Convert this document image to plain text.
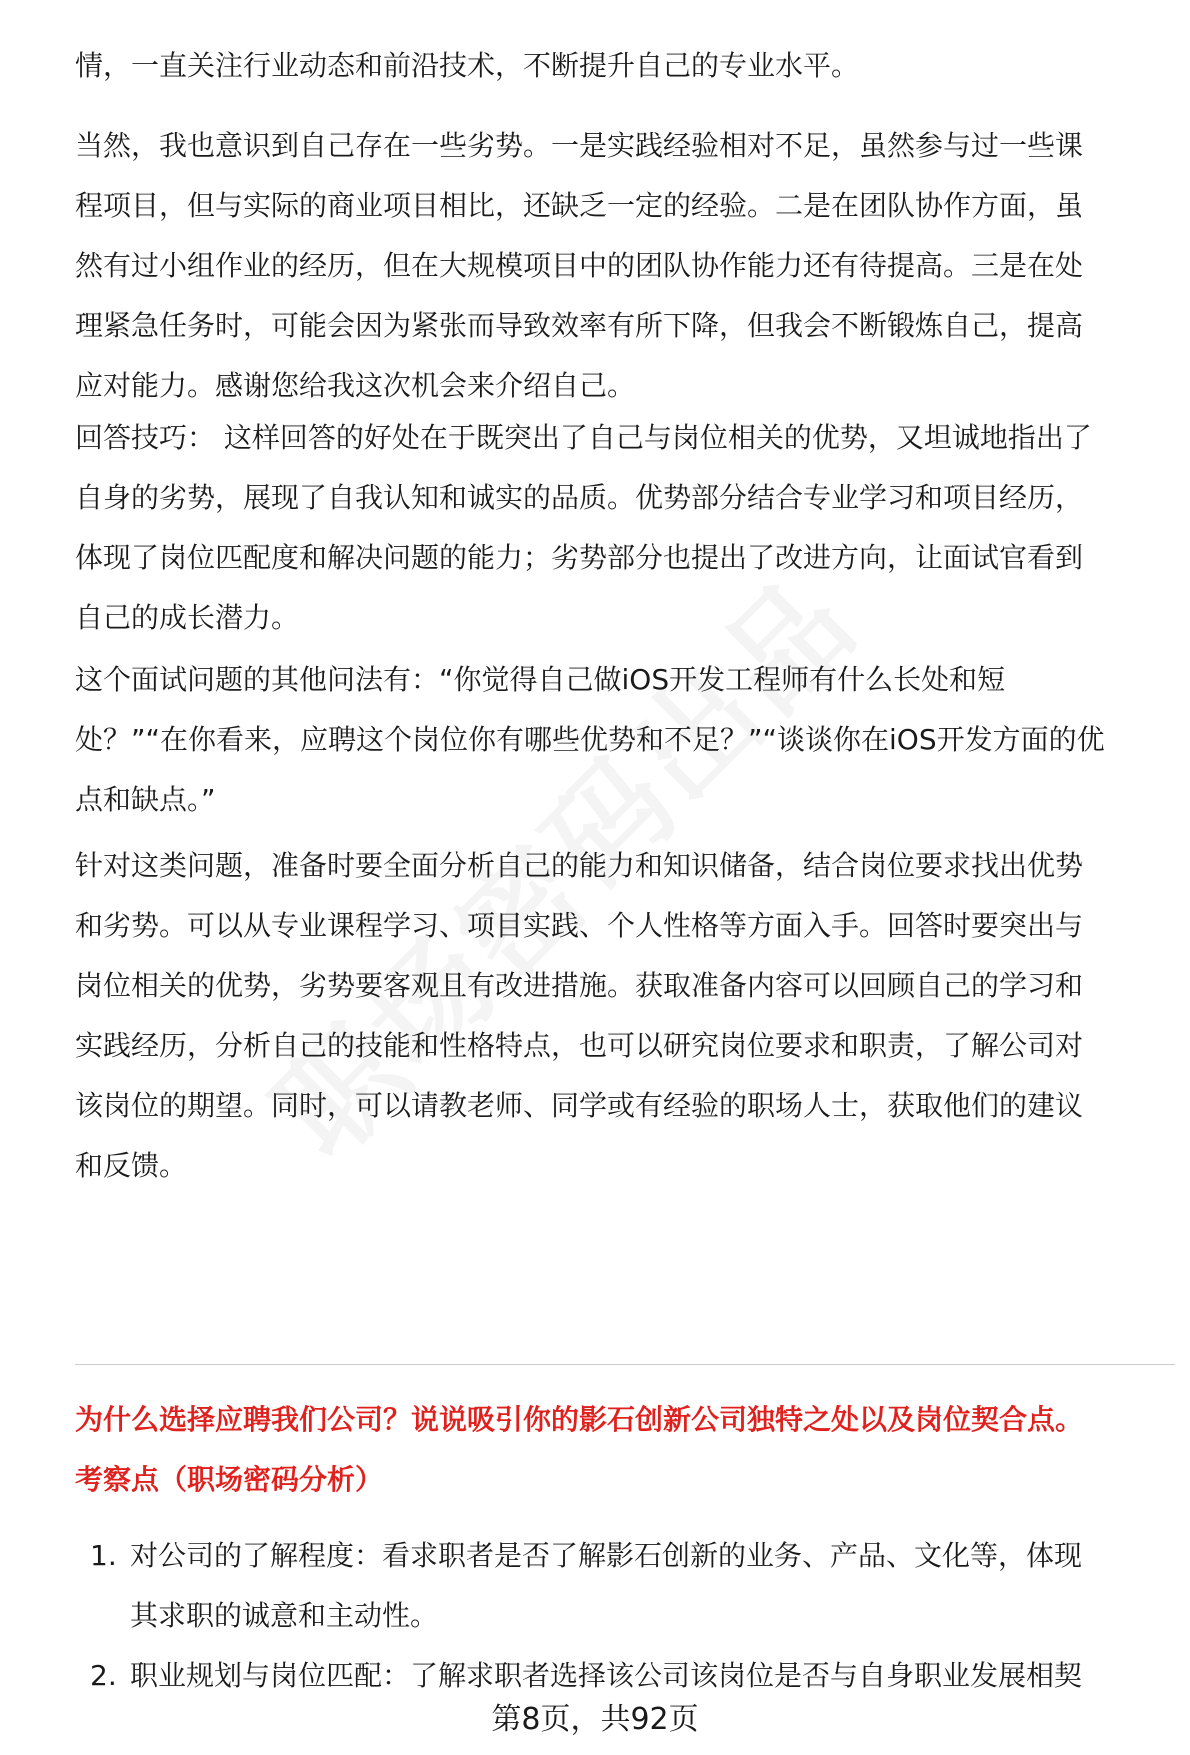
情，一直关注行业动态和前沿技术，不断提升自己的专业水平。

当然，我也意识到自己存在一些劣势。一是实践经验相对不足，虽然参与过一些课
程项目，但与实际的商业项目相比，还缺乏一定的经验。二是在团队协作方面，虽
然有过小组作业的经历，但在大规模项目中的团队协作能力还有待提高。三是在处
理紧急任务时，可能会因为紧张而导致效率有所下降，但我会不断锻炼自己，提高
应对能力。感谢您给我这次机会来介绍自己。

回答技巧： 这样回答的好处在于既突出了自己与岗位相关的优势，又坦诚地指出了
自身的劣势，展现了自我认知和诚实的品质。优势部分结合专业学习和项目经历，
体现了岗位匹配度和解决问题的能力；劣势部分也提出了改进方向，让面试官看到
自己的成长潜力。

这个面试问题的其他问法有：“你觉得自己做iOS开发工程师有什么长处和短
处？”“在你看来，应聘这个岗位你有哪些优势和不足？”“谈谈你在iOS开发方面的优
点和缺点。”

针对这类问题，准备时要全面分析自己的能力和知识储备，结合岗位要求找出优势
和劣势。可以从专业课程学习、项目实践、个人性格等方面入手。回答时要突出与
岗位相关的优势，劣势要客观且有改进措施。获取准备内容可以回顾自己的学习和
实践经历，分析自己的技能和性格特点，也可以研究岗位要求和职责，了解公司对
该岗位的期望。同时，可以请教老师、同学或有经验的职场人士，获取他们的建议
和反馈。

为什么选择应聘我们公司？说说吸引你的影石创新公司独特之处以及岗位契合点。

考察点（职场密码分析）

1. 对公司的了解程度：看求职者是否了解影石创新的业务、产品、文化等，体现
其求职的诚意和主动性。
2. 职业规划与岗位匹配：了解求职者选择该公司该岗位是否与自身职业发展相契
第8页，共92页
